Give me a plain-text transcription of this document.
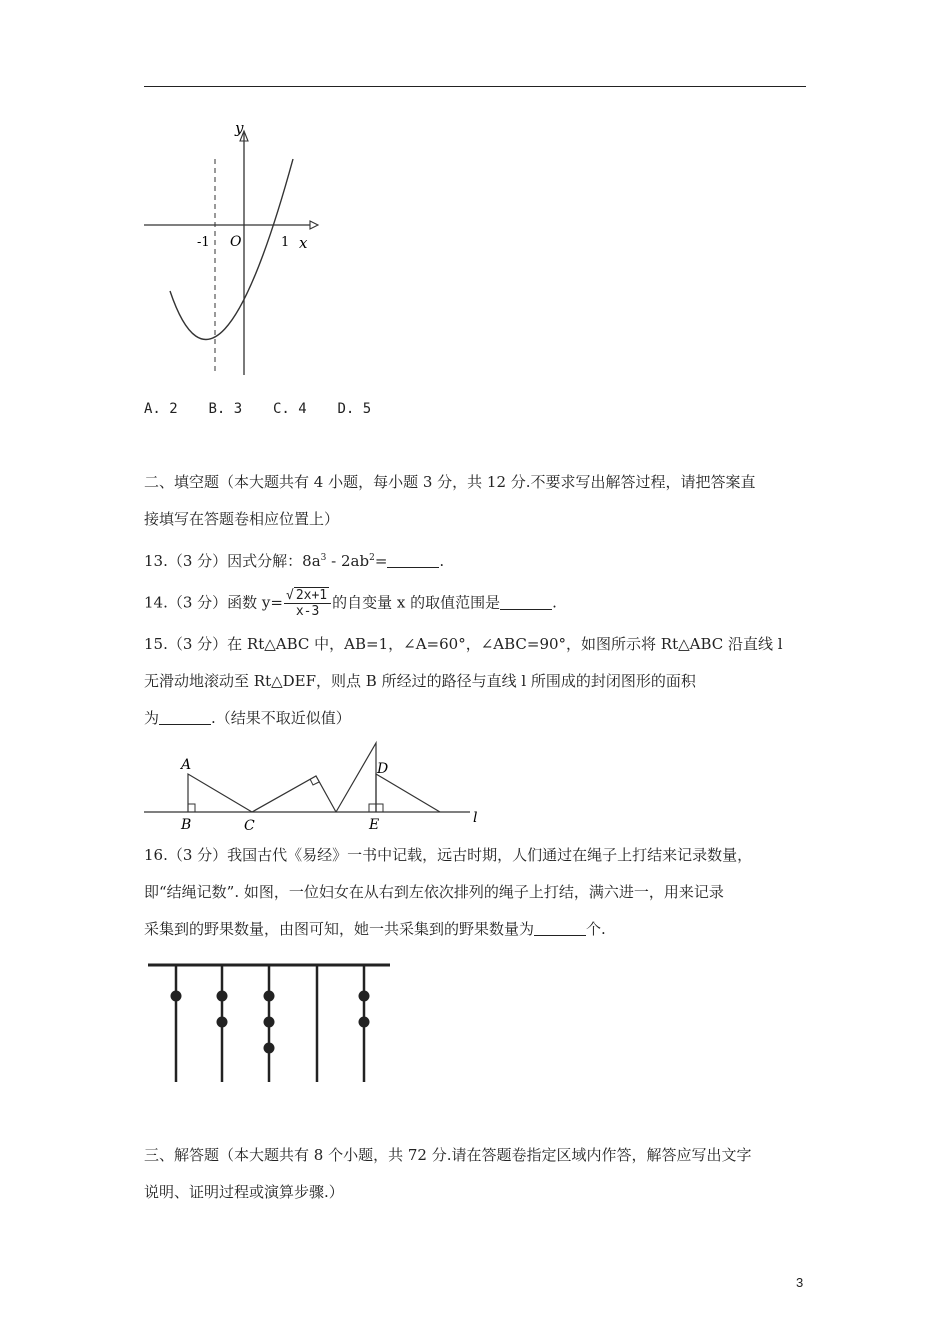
y
x
O
-1	1
A. 2 B. 3 C. 4 D. 5
二、填空题（本大题共有 4 小题，每小题 3 分，共 12 分.不要求写出解答过程，请把答案直
接填写在答题卷相应位置上）
13.（3 分）因式分解：$8a^3 - 2ab^2=$	.
14.（3 分）函数 $y= \frac{√ 2x+1}{x-3}$ 的自变量 x 的取值范围是	.
15.（3 分）在 Rt△ABC 中，AB=1，∠A=60°，∠ABC=90°，如图所示将 Rt△ABC 沿直线 l
无滑动地滚动至 Rt△DEF，则点 B 所经过的路径与直线 l 所围成的封闭图形的面积
为	.（结果不取近似值）
A
B	C
D
E	l
16.（3 分）我国古代《易经》一书中记载，远古时期，人们通过在绳子上打结来记录数量，
即“结绳记数”. 如图，一位妇女在从右到左依次排列的绳子上打结，满六进一，用来记录
采集到的野果数量，由图可知，她一共采集到的野果数量为	个.
三、解答题（本大题共有 8 个小题，共 72 分.请在答题卷指定区域内作答，解答应写出文字
说明、证明过程或演算步骤.）
3
